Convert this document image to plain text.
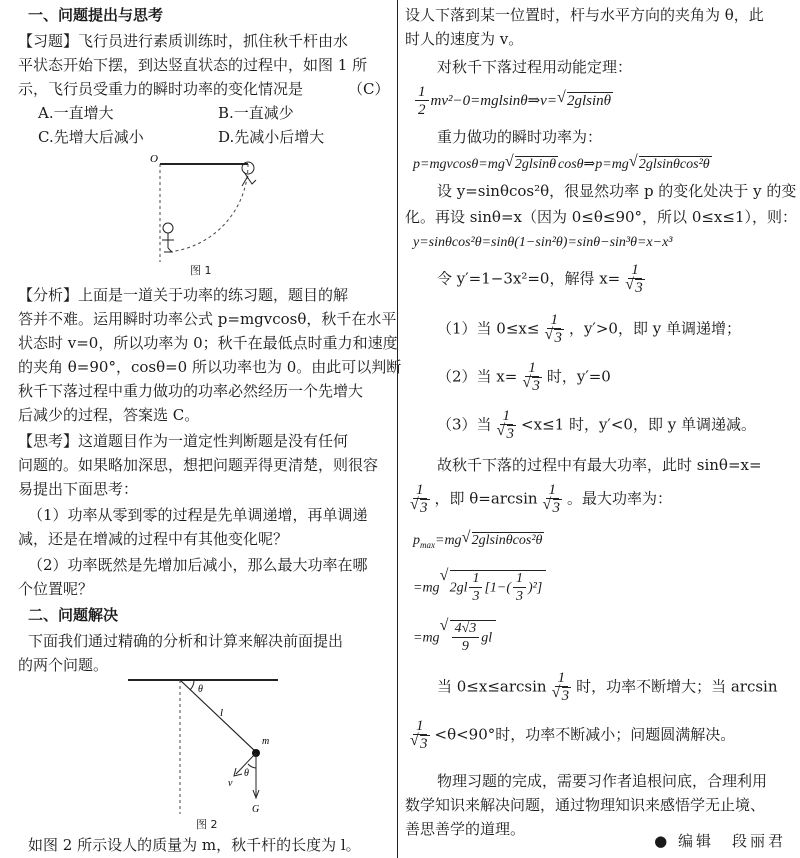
一、问题提出与思考
【习题】飞行员进行素质训练时，抓住秋千杆由水
平状态开始下摆，到达竖直状态的过程中，如图 1 所
示，飞行员受重力的瞬时功率的变化情况是	（C）
A.一直增大	B.一直减少
C.先增大后减小	D.先减小后增大
O
图 1
【分析】上面是一道关于功率的练习题，题目的解
答并不难。运用瞬时功率公式 p=mgvcosθ，秋千在水平
状态时 v=0，所以功率为 0；秋千在最低点时重力和速度
的夹角 θ=90°，cosθ=0 所以功率也为 0。由此可以判断
秋千下落过程中重力做功的功率必然经历一个先增大
后减少的过程，答案选 C。
【思考】这道题目作为一道定性判断题是没有任何
问题的。如果略加深思，想把问题弄得更清楚，则很容
易提出下面思考：
（1）功率从零到零的过程是先单调递增，再单调递
减，还是在增减的过程中有其他变化呢？
（2）功率既然是先增加后减小，那么最大功率在哪
个位置呢？
二、问题解决
下面我们通过精确的分析和计算来解决前面提出
的两个问题。
θ
l
m
v
θ
G
图 2
如图 2 所示设人的质量为 m，秋千杆的长度为 l。
设人下落到某一位置时，杆与水平方向的夹角为 θ，此
时人的速度为 v。
对秋千下落过程用动能定理：
$\frac{1}{2}$ mv²−0=mglsinθ⇒v=√ 2glsinθ
重力做功的瞬时功率为：
p=mgvcosθ=mg√ 2glsinθ cosθ⇒p=mg√ 2glsinθcos²θ
设 y=sinθcos²θ，很显然功率 p 的变化处决于 y 的变
化。再设 sinθ=x（因为 0≤θ≤90°，所以 0≤x≤1），则：
y=sinθcos²θ=sinθ(1−sin²θ)=sinθ−sin³θ=x−x³
令 y′=1−3x²=0，解得 x= 1
√ 3
（1）当 0≤x≤ 1
√ 3 ，y′>0，即 y 单调递增；
（2）当 x= 1
√ 3 时，y′=0
（3）当 1
√ 3 <x≤1 时，y′<0，即 y 单调递减。
故秋千下落的过程中有最大功率，此时 sinθ=x=
1
√ 3 ，即 θ=arcsin 1
√ 3 。最大功率为：
$p_{max}=mg√$ 2glsinθcos²θ
=mg√ $2gl \frac{1}{3} [1-( \frac{1}{3} )^2]$
=mg
√ $\frac{4√3}{9}$ gl
当 0≤x≤arcsin 1
√ 3 时，功率不断增大；当 arcsin
1
√ 3 <θ<90°时，功率不断减小；问题圆满解决。
物理习题的完成，需要习作者追根问底，合理利用
数学知识来解决问题，通过物理知识来感悟学无止境、
善思善学的道理。
● 编辑　段丽君
